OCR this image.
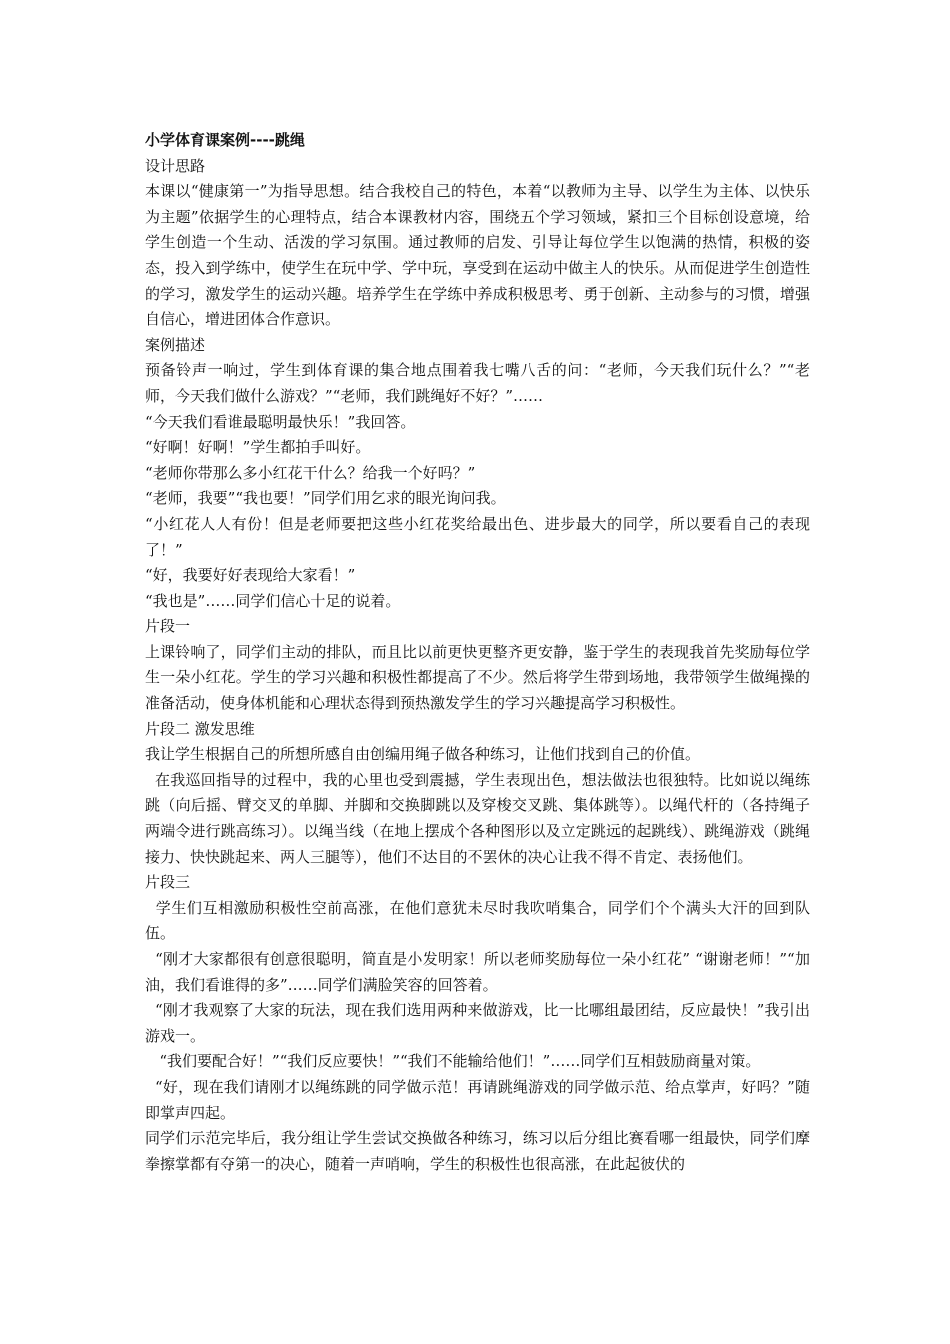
小学体育课案例----跳绳
设计思路

本课以“健康第一”为指导思想。结合我校自己的特色，本着“以教师为主导、以学生为主体、以快乐为主题”依据学生的心理特点，结合本课教材内容，围绕五个学习领域，紧扣三个目标创设意境，给学生创造一个生动、活泼的学习氛围。通过教师的启发、引导让每位学生以饱满的热情，积极的姿态，投入到学练中，使学生在玩中学、学中玩，享受到在运动中做主人的快乐。从而促进学生创造性的学习，激发学生的运动兴趣。培养学生在学练中养成积极思考、勇于创新、主动参与的习惯，增强自信心，增进团体合作意识。

案例描述

预备铃声一响过，学生到体育课的集合地点围着我七嘴八舌的问：“老师，今天我们玩什么？”“老师，今天我们做什么游戏？”“老师，我们跳绳好不好？”……

“今天我们看谁最聪明最快乐！”我回答。

“好啊！好啊！”学生都拍手叫好。

“老师你带那么多小红花干什么？给我一个好吗？”

“老师，我要”“我也要！”同学们用乞求的眼光询问我。

“小红花人人有份！但是老师要把这些小红花奖给最出色、进步最大的同学，所以要看自己的表现了！”

“好，我要好好表现给大家看！”

“我也是”……同学们信心十足的说着。

片段一

上课铃响了，同学们主动的排队，而且比以前更快更整齐更安静，鉴于学生的表现我首先奖励每位学生一朵小红花。学生的学习兴趣和积极性都提高了不少。然后将学生带到场地，我带领学生做绳操的准备活动，使身体机能和心理状态得到预热激发学生的学习兴趣提高学习积极性。

片段二 激发思维

我让学生根据自己的所想所感自由创编用绳子做各种练习，让他们找到自己的价值。

在我巡回指导的过程中，我的心里也受到震撼，学生表现出色，想法做法也很独特。比如说以绳练跳（向后摇、臂交叉的单脚、并脚和交换脚跳以及穿梭交叉跳、集体跳等）。以绳代杆的（各持绳子两端令进行跳高练习）。以绳当线（在地上摆成个各种图形以及立定跳远的起跳线）、跳绳游戏（跳绳接力、快快跳起来、两人三腿等），他们不达目的不罢休的决心让我不得不肯定、表扬他们。

片段三

学生们互相激励积极性空前高涨，在他们意犹未尽时我吹哨集合，同学们个个满头大汗的回到队伍。

“刚才大家都很有创意很聪明，简直是小发明家！所以老师奖励每位一朵小红花” “谢谢老师！”“加油，我们看谁得的多”……同学们满脸笑容的回答着。

“刚才我观察了大家的玩法，现在我们选用两种来做游戏，比一比哪组最团结，反应最快！”我引出游戏一。

“我们要配合好！”“我们反应要快！”“我们不能输给他们！”……同学们互相鼓励商量对策。

“好，现在我们请刚才以绳练跳的同学做示范！再请跳绳游戏的同学做示范、给点掌声，好吗？”随即掌声四起。

同学们示范完毕后，我分组让学生尝试交换做各种练习，练习以后分组比赛看哪一组最快，同学们摩拳擦掌都有夺第一的决心，随着一声哨响，学生的积极性也很高涨，在此起彼伏的
